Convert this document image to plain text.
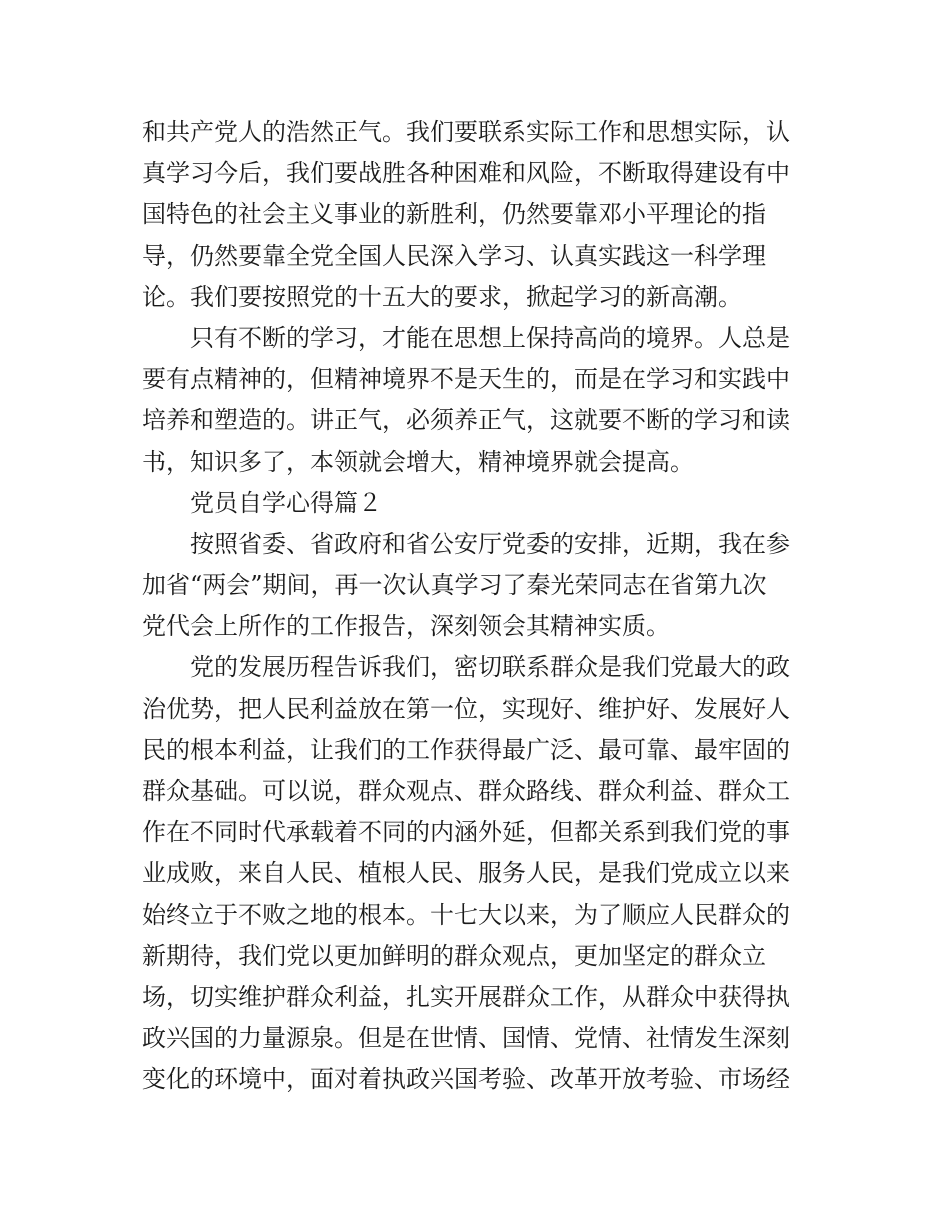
和共产党人的浩然正气。我们要联系实际工作和思想实际，认
真学习今后，我们要战胜各种困难和风险，不断取得建设有中
国特色的社会主义事业的新胜利，仍然要靠邓小平理论的指
导，仍然要靠全党全国人民深入学习、认真实践这一科学理
论。我们要按照党的十五大的要求，掀起学习的新高潮。
只有不断的学习，才能在思想上保持高尚的境界。人总是
要有点精神的，但精神境界不是天生的，而是在学习和实践中
培养和塑造的。讲正气，必须养正气，这就要不断的学习和读
书，知识多了，本领就会增大，精神境界就会提高。
党员自学心得篇２
按照省委、省政府和省公安厅党委的安排，近期，我在参
加省“两会”期间，再一次认真学习了秦光荣同志在省第九次
党代会上所作的工作报告，深刻领会其精神实质。
党的发展历程告诉我们，密切联系群众是我们党最大的政
治优势，把人民利益放在第一位，实现好、维护好、发展好人
民的根本利益，让我们的工作获得最广泛、最可靠、最牢固的
群众基础。可以说，群众观点、群众路线、群众利益、群众工
作在不同时代承载着不同的内涵外延，但都关系到我们党的事
业成败，来自人民、植根人民、服务人民，是我们党成立以来
始终立于不败之地的根本。十七大以来，为了顺应人民群众的
新期待，我们党以更加鲜明的群众观点，更加坚定的群众立
场，切实维护群众利益，扎实开展群众工作，从群众中获得执
政兴国的力量源泉。但是在世情、国情、党情、社情发生深刻
变化的环境中，面对着执政兴国考验、改革开放考验、市场经
